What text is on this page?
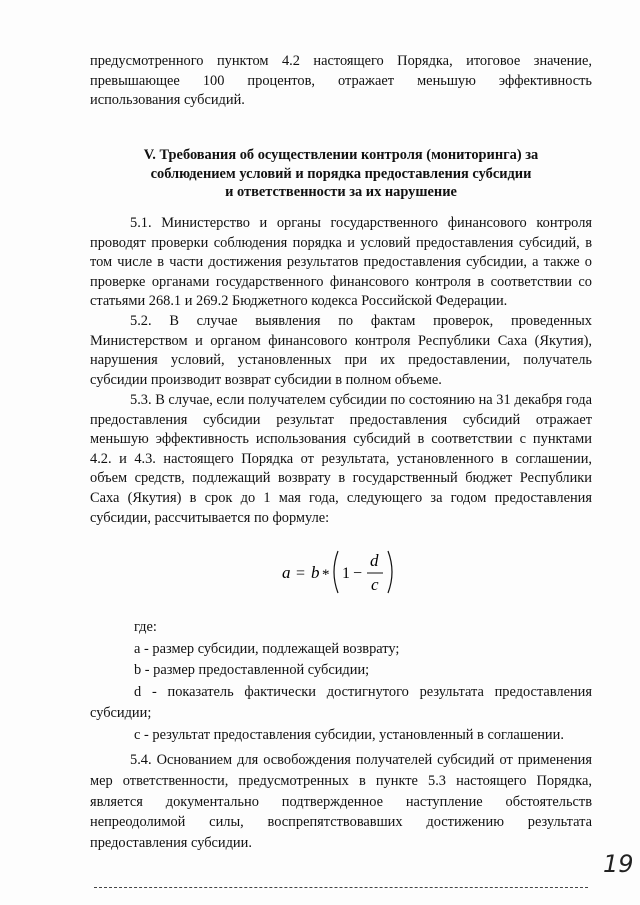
предусмотренного пунктом 4.2 настоящего Порядка, итоговое значение,

превышающее 100 процентов, отражает меньшую эффективность

использования субсидий.

V. Требования об осуществлении контроля (мониторинга) за
соблюдением условий и порядка предоставления субсидии
и ответственности за их нарушение

5.1. Министерство и органы государственного финансового контроля проводят проверки соблюдения порядка и условий предоставления субсидий, в том числе в части достижения результатов предоставления субсидии, а также о проверке органами государственного финансового контроля в соответствии со статьями 268.1 и 269.2 Бюджетного кодекса Российской Федерации.

5.2. В случае выявления по фактам проверок, проведенных Министерством и органом финансового контроля Республики Саха (Якутия), нарушения условий, установленных при их предоставлении, получатель субсидии производит возврат субсидии в полном объеме.

5.3. В случае, если получателем субсидии по состоянию на 31 декабря года предоставления субсидии результат предоставления субсидий отражает меньшую эффективность использования субсидий в соответствии с пунктами 4.2. и 4.3. настоящего Порядка от результата, установленного в соглашении, объем средств, подлежащий возврату в государственный бюджет Республики Саха (Якутия) в срок до 1 мая года, следующего за годом предоставления субсидии, рассчитывается по формуле:

a = b * 1 −
d
c
где:
а - размер субсидии, подлежащей возврату;
b - размер предоставленной субсидии;

d - показатель фактически достигнутого результата предоставления субсидии;

с - результат предоставления субсидии, установленный в соглашении.

5.4. Основанием для освобождения получателей субсидий от применения мер ответственности, предусмотренных в пункте 5.3 настоящего Порядка, является документально подтвержденное наступление обстоятельств непреодолимой силы, воспрепятствовавших достижению результата предоставления субсидии.

19
